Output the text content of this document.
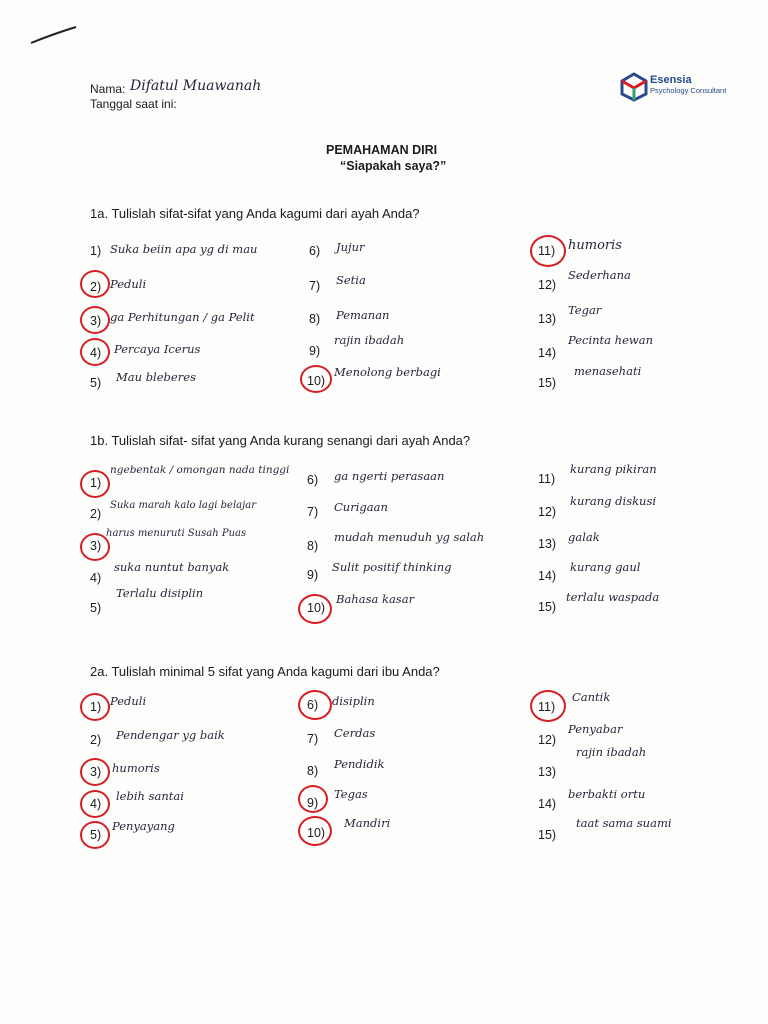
Nama: Difatul Muawanah
Tanggal saat ini:
Esensia
Psychology Consultant
PEMAHAMAN DIRI
“Siapakah saya?”
1a. Tulislah sifat-sifat yang Anda kagumi dari ayah Anda?
1) Suka beiin apa yg di mau
2) Peduli
3) ga Perhitungan / ga Pelit
4) Percaya Icerus
5) Mau bleberes
6) Jujur
7) Setia
8) Pemanan
9)
rajin ibadah
10)
Menolong berbagi
11) humoris
12)
Sederhana
13)
Tegar
14)
Pecinta hewan
15)
menasehati
1b. Tulislah sifat- sifat yang Anda kurang senangi dari ayah Anda?
1)
ngebentak / omongan nada tinggi
2)
Suka marah kalo lagi belajar
3)
harus menuruti Susah Puas
4)
suka nuntut banyak
5)
Terlalu disiplin
6) ga ngerti perasaan
7) Curigaan
8)
mudah menuduh yg salah
9)
Sulit positif thinking
10)
Bahasa kasar
11)
kurang pikiran
12)
kurang diskusi
13) galak
14)
kurang gaul
15)
terlalu waspada
2a. Tulislah minimal 5 sifat yang Anda kagumi dari ibu Anda?
1) Peduli
2) Pendengar yg baik
3) humoris
4)
lebih santai
5)
Penyayang
6) disiplin
7) Cerdas
8) Pendidik
9)
Tegas
10)
Mandiri
11)
Cantik
12)
Penyabar
13)
rajin ibadah
14)
berbakti ortu
15)
taat sama suami
